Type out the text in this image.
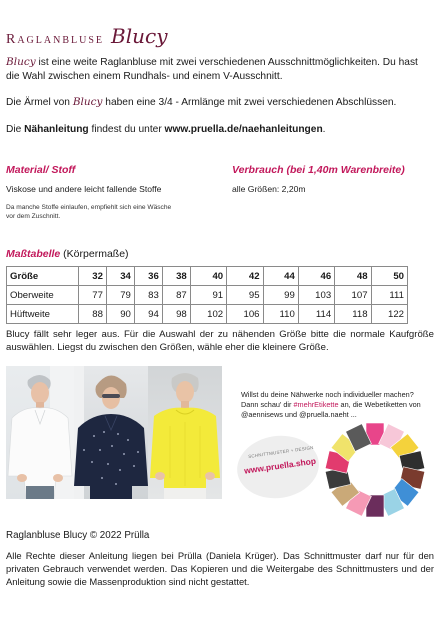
Raglanbluse Blucy

Blucy ist eine weite Raglanbluse mit zwei verschiedenen Ausschnittmöglichkeiten. Du hast die Wahl zwischen einem Rundhals- und einem V-Ausschnitt.

Die Ärmel von Blucy haben eine 3/4 - Armlänge mit zwei verschiedenen Abschlüssen.

Die Nähanleitung findest du unter www.pruella.de/naehanleitungen.

Material/ Stoff
Viskose und andere leicht fallende Stoffe
Da manche Stoffe einlaufen, empfiehlt sich eine Wäsche vor dem Zuschnitt.
Verbrauch (bei 1,40m Warenbreite)
alle Größen: 2,20m
Maßtabelle (Körpermaße)
Größe	32	34	36	38	40	42	44	46	48	50
Oberweite	77	79	83	87	91	95	99	103	107	111
Hüftweite	88	90	94	98	102	106	110	114	118	122

Blucy fällt sehr leger aus. Für die Auswahl der zu nähenden Größe bitte die normale Kaufgröße auswählen. Liegst du zwischen den Größen, wähle eher die kleinere Größe.

Willst du deine Nähwerke noch individueller machen? Dann schau' dir #mehrEtikette an, die Webetiketten von @aennisews und @pruella.naeht ...

SCHNITTMUSTER + DESIGN
www.pruella.shop
Raglanbluse Blucy © 2022 Prülla

Alle Rechte dieser Anleitung liegen bei Prülla (Daniela Krüger). Das Schnittmuster darf nur für den privaten Gebrauch verwendet werden. Das Kopieren und die Weitergabe des Schnittmusters und der Anleitung sowie die Massenproduktion sind nicht gestattet.
